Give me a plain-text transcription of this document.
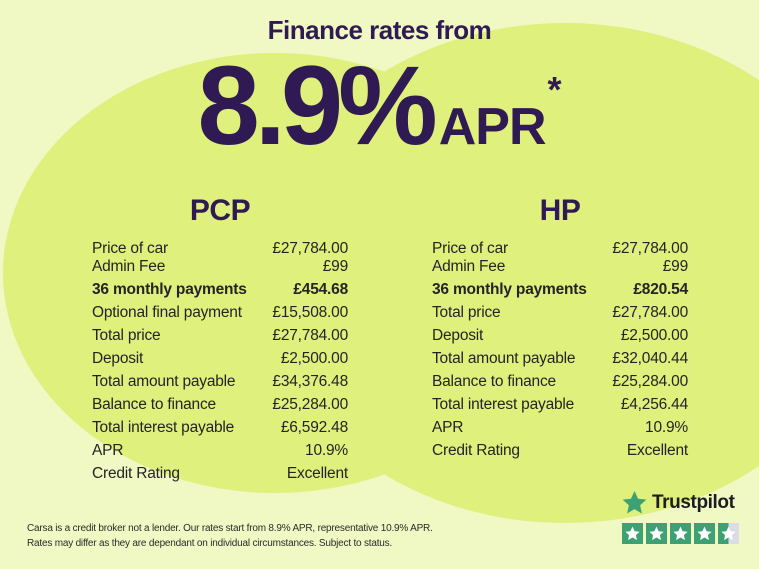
Finance rates from
8.9% APR
*
PCP
Price of car	£27,784.00
Admin Fee	£99
36 monthly payments	£454.68
Optional final payment £15,508.00
Total price	£27,784.00
Deposit	£2,500.00
Total amount payable £34,376.48
Balance to finance	£25,284.00
Total interest payable	£6,592.48
APR	10.9%
Credit Rating	Excellent
HP
Price of car	£27,784.00
Admin Fee	£99
36 monthly payments	£820.54
Total price	£27,784.00
Deposit	£2,500.00
Total amount payable £32,040.44
Balance to finance	£25,284.00
Total interest payable	£4,256.44
APR	10.9%
Credit Rating	Excellent
Carsa is a credit broker not a lender. Our rates start from 8.9% APR, representative 10.9% APR.
Rates may differ as they are dependant on individual circumstances. Subject to status.
Trustpilot
